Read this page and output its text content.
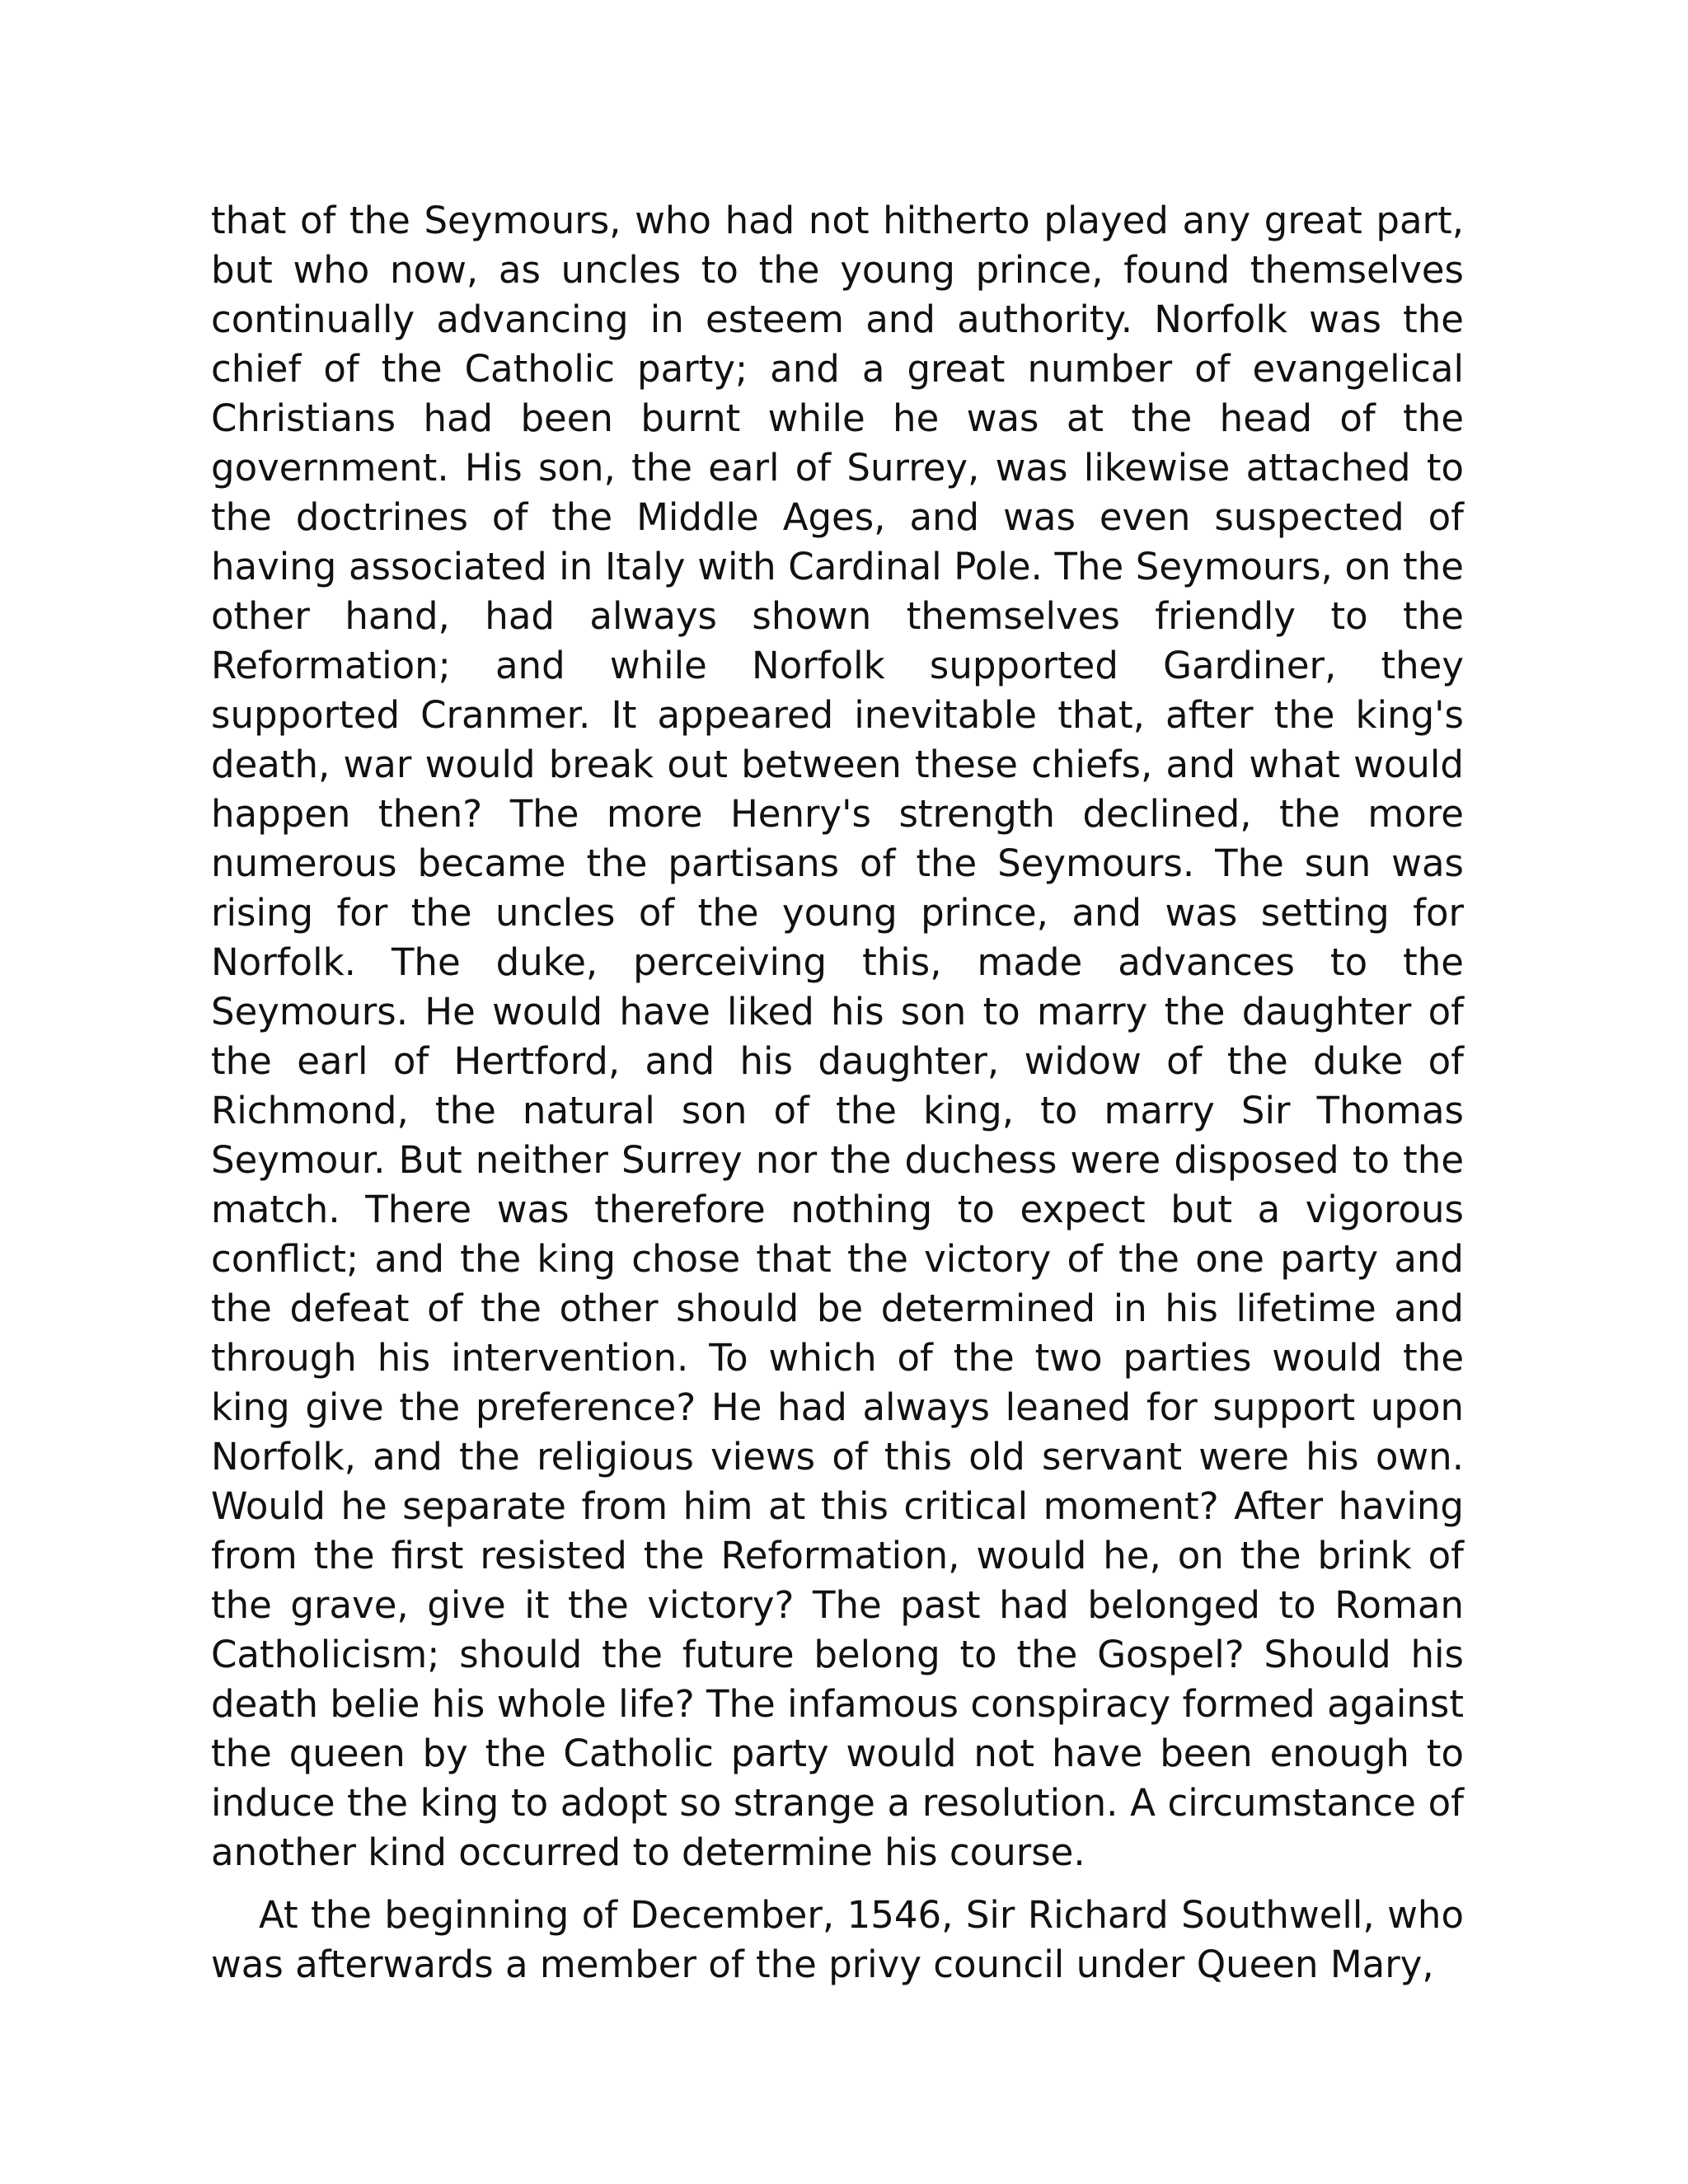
that of the Seymours, who had not hitherto played any great part, but who now, as uncles to the young prince, found themselves continually advancing in esteem and authority. Norfolk was the chief of the Catholic party; and a great number of evangelical Christians had been burnt while he was at the head of the government. His son, the earl of Surrey, was likewise attached to the doctrines of the Middle Ages, and was even suspected of having associated in Italy with Cardinal Pole. The Seymours, on the other hand, had always shown themselves friendly to the Reformation; and while Norfolk supported Gardiner, they supported Cranmer. It appeared inevitable that, after the king's death, war would break out between these chiefs, and what would happen then? The more Henry's strength declined, the more numerous became the partisans of the Seymours. The sun was rising for the uncles of the young prince, and was setting for Norfolk. The duke, perceiving this, made advances to the Seymours. He would have liked his son to marry the daughter of the earl of Hertford, and his daughter, widow of the duke of Richmond, the natural son of the king, to marry Sir Thomas Seymour. But neither Surrey nor the duchess were disposed to the match. There was therefore nothing to expect but a vigorous conflict; and the king chose that the victory of the one party and the defeat of the other should be determined in his lifetime and through his intervention. To which of the two parties would the king give the preference? He had always leaned for support upon Norfolk, and the religious views of this old servant were his own. Would he separate from him at this critical moment? After having from the first resisted the Reformation, would he, on the brink of the grave, give it the victory? The past had belonged to Roman Catholicism; should the future belong to the Gospel? Should his death belie his whole life? The infamous conspiracy formed against the queen by the Catholic party would not have been enough to induce the king to adopt so strange a resolution. A circumstance of another kind occurred to determine his course.

At the beginning of December, 1546, Sir Richard Southwell, who was afterwards a member of the privy council under Queen Mary,
